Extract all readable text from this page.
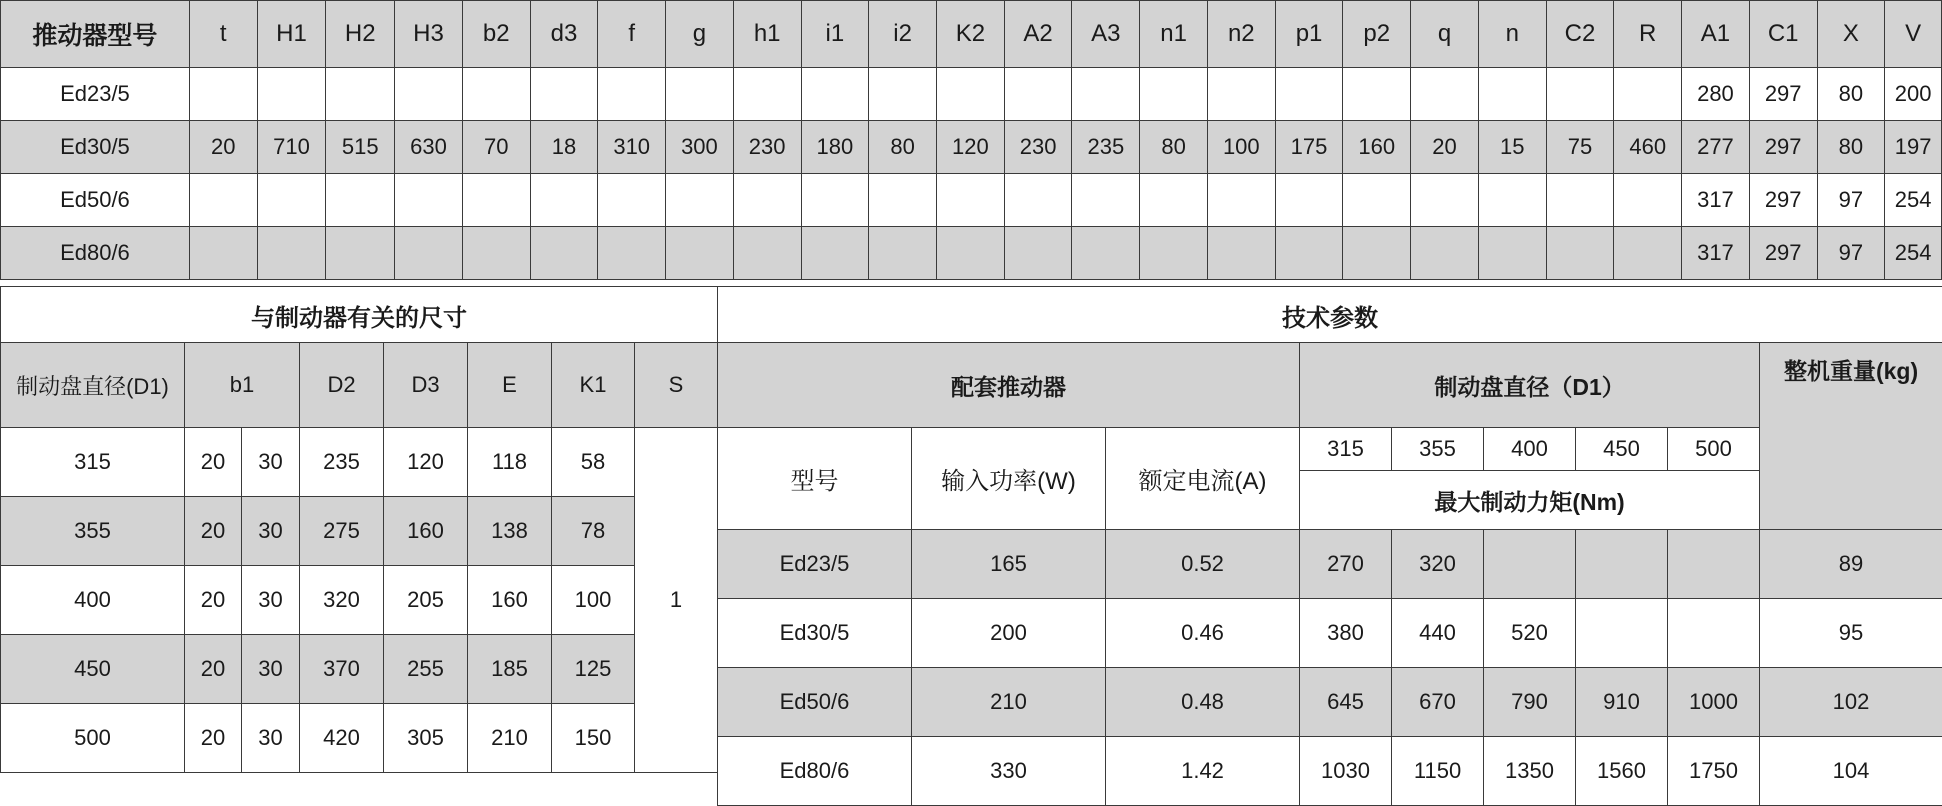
推动器型号	t	H1	H2	H3	b2	d3	f	g	h1	i1	i2	K2	A2	A3	n1	n2	p1	p2	q	n	C2	R	A1	C1	X	V
Ed23/5																							280	297	80	200
Ed30/5	20	710	515	630	70	18	310	300	230	180	80	120	230	235	80	100	175	160	20	15	75	460	277	297	80	197
Ed50/6																							317	297	97	254
Ed80/6																							317	297	97	254
与制动器有关的尺寸	技术参数
制动盘直径(D1)	b1		D2	D3	E	K1	S
315	20	30	235	120	118	58	1
355	20	30	275	160	138	78	
400	20	30	320	205	160	100	
450	20	30	370	255	185	125	
500	20	30	420	305	210	150	
配套推动器			制动盘直径（D1）					整机重量(kg)
型号	输入功率(W)	额定电流(A)	315	355	400	450	500	
			最大制动力矩(Nm)					
Ed23/5	165	0.52	270	320				89
Ed30/5	200	0.46	380	440	520			95
Ed50/6	210	0.48	645	670	790	910	1000	102
Ed80/6	330	1.42	1030	1150	1350	1560	1750	104
